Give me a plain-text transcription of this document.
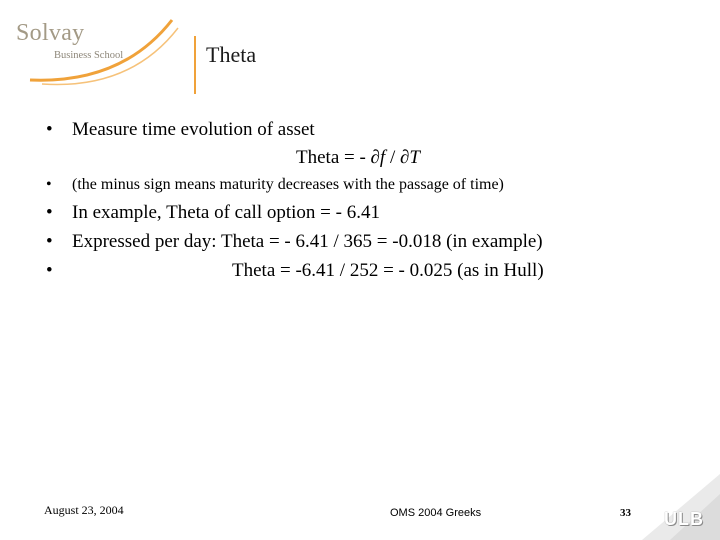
Solvay
Business School	Theta
• Measure time evolution of asset
Theta = - ∂f / ∂T
• (the minus sign means maturity decreases with the passage of time)
• In example, Theta of call option = - 6.41
• Expressed per day: Theta = - 6.41 / 365 = -0.018 (in example)
•	Theta = -6.41 / 252 = - 0.025 (as in Hull)
August 23, 2004	OMS 2004 Greeks	33 ULB
